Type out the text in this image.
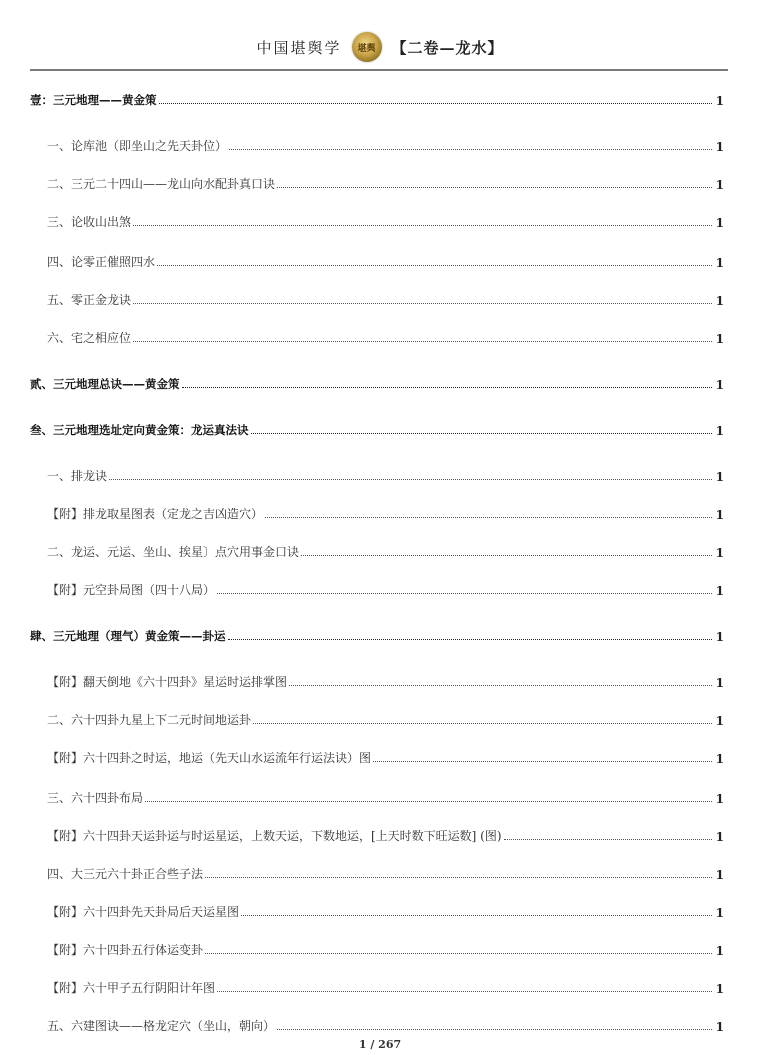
中国堪舆学 堪舆 【二卷—龙水】
壹：三元地理——黄金策	1
一、论库池（即坐山之先天卦位）	1
二、三元二十四山——龙山向水配卦真口诀	1
三、论收山出煞	1
四、论零正催照四水	1
五、零正金龙诀	1
六、宅之相应位	1
贰、三元地理总诀——黄金策	1
叁、三元地理选址定向黄金策：龙运真法诀	1
一、排龙诀	1
【附】排龙取星图表（定龙之吉凶造穴）	1
二、龙运、元运、坐山、挨星〕点穴用事金口诀	1
【附】元空卦局图（四十八局）	1
肆、三元地理（理气）黄金策——卦运	1
【附】翻天倒地《六十四卦》星运时运排掌图	1
二、六十四卦九星上下二元时间地运卦	1
【附】六十四卦之时运，地运（先天山水运流年行运法诀）图	1
三、六十四卦布局	1
【附】六十四卦天运卦运与时运星运，上数天运，下数地运，[上天时数下旺运数] (图)	1
四、大三元六十卦正合些子法	1
【附】六十四卦先天卦局后天运星图	1
【附】六十四卦五行体运变卦	1
【附】六十甲子五行阴阳计年图	1
五、六建图诀——格龙定穴（坐山，朝向）	1
1 / 267
